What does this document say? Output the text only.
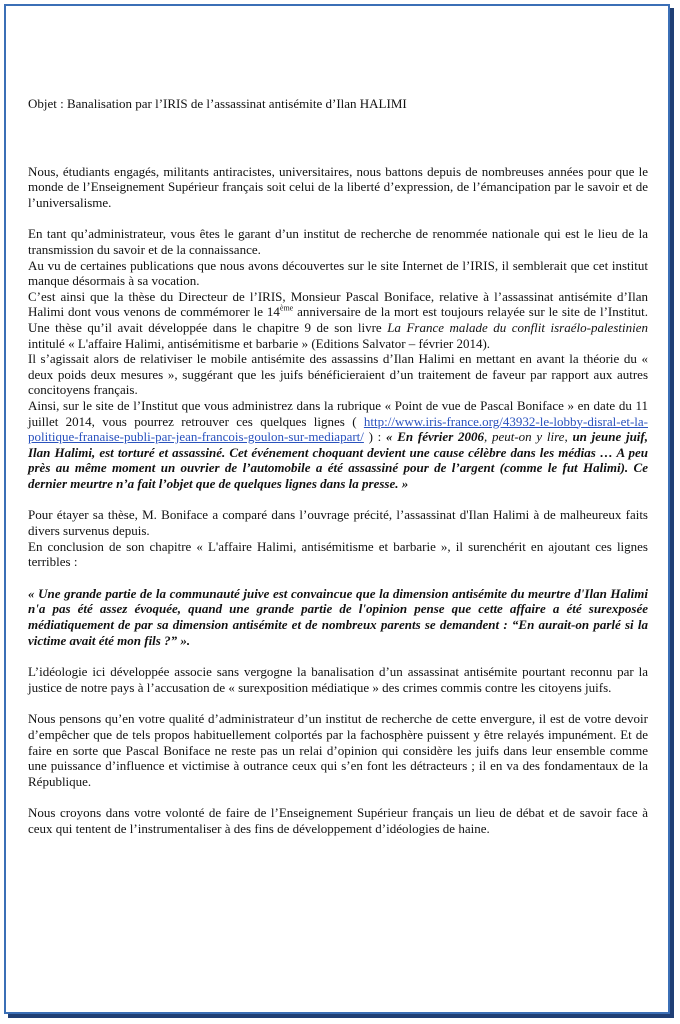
Objet : Banalisation par l’IRIS de l’assassinat antisémite d’Ilan HALIMI

Nous, étudiants engagés, militants antiracistes, universitaires, nous battons depuis de nombreuses années pour que le monde de l’Enseignement Supérieur français soit celui de la liberté d’expression, de l’émancipation par le savoir et de l’universalisme.

En tant qu’administrateur, vous êtes le garant d’un institut de recherche de renommée nationale qui est le lieu de la transmission du savoir et de la connaissance.

Au vu de certaines publications que nous avons découvertes sur le site Internet de l’IRIS, il semblerait que cet institut manque désormais à sa vocation.

C’est ainsi que la thèse du Directeur de l’IRIS, Monsieur Pascal Boniface, relative à l’assassinat antisémite d’Ilan Halimi dont vous venons de commémorer le 14ème anniversaire de la mort est toujours relayée sur le site de l’Institut. Une thèse qu’il avait développée dans le chapitre 9 de son livre La France malade du conflit israélo-palestinien intitulé « L'affaire Halimi, antisémitisme et barbarie » (Editions Salvator – février 2014).

Il s’agissait alors de relativiser le mobile antisémite des assassins d’Ilan Halimi en mettant en avant la théorie du « deux poids deux mesures », suggérant que les juifs bénéficieraient d’un traitement de faveur par rapport aux autres concitoyens français.

Ainsi, sur le site de l’Institut que vous administrez dans la rubrique « Point de vue de Pascal Boniface » en date du 11 juillet 2014, vous pourrez retrouver ces quelques lignes ( http://www.iris-france.org/43932-le-lobby-disral-et-la-politique-franaise-publi-par-jean-francois-goulon-sur-mediapart/ ) : « En février 2006, peut-on y lire, un jeune juif, Ilan Halimi, est torturé et assassiné. Cet événement choquant devient une cause célèbre dans les médias … A peu près au même moment un ouvrier de l’automobile a été assassiné pour de l’argent (comme le fut Halimi). Ce dernier meurtre n’a fait l’objet que de quelques lignes dans la presse. »

Pour étayer sa thèse, M. Boniface a comparé dans l’ouvrage précité, l’assassinat d'Ilan Halimi à de malheureux faits divers survenus depuis.

En conclusion de son chapitre « L'affaire Halimi, antisémitisme et barbarie », il surenchérit en ajoutant ces lignes terribles :

« Une grande partie de la communauté juive est convaincue que la dimension antisémite du meurtre d'Ilan Halimi n'a pas été assez évoquée, quand une grande partie de l'opinion pense que cette affaire a été surexposée médiatiquement de par sa dimension antisémite et de nombreux parents se demandent : “En aurait-on parlé si la victime avait été mon fils ?” ».

L’idéologie ici développée associe sans vergogne la banalisation d’un assassinat antisémite pourtant reconnu par la justice de notre pays à l’accusation de « surexposition médiatique » des crimes commis contre les citoyens juifs.

Nous pensons qu’en votre qualité d’administrateur d’un institut de recherche de cette envergure, il est de votre devoir d’empêcher que de tels propos habituellement colportés par la fachosphère puissent y être relayés impunément. Et de faire en sorte que Pascal Boniface ne reste pas un relai d’opinion qui considère les juifs dans leur ensemble comme une puissance d’influence et victimise à outrance ceux qui s’en font les détracteurs ; il en va des fondamentaux de la République.

Nous croyons dans votre volonté de faire de l’Enseignement Supérieur français un lieu de débat et de savoir face à ceux qui tentent de l’instrumentaliser à des fins de développement d’idéologies de haine.
